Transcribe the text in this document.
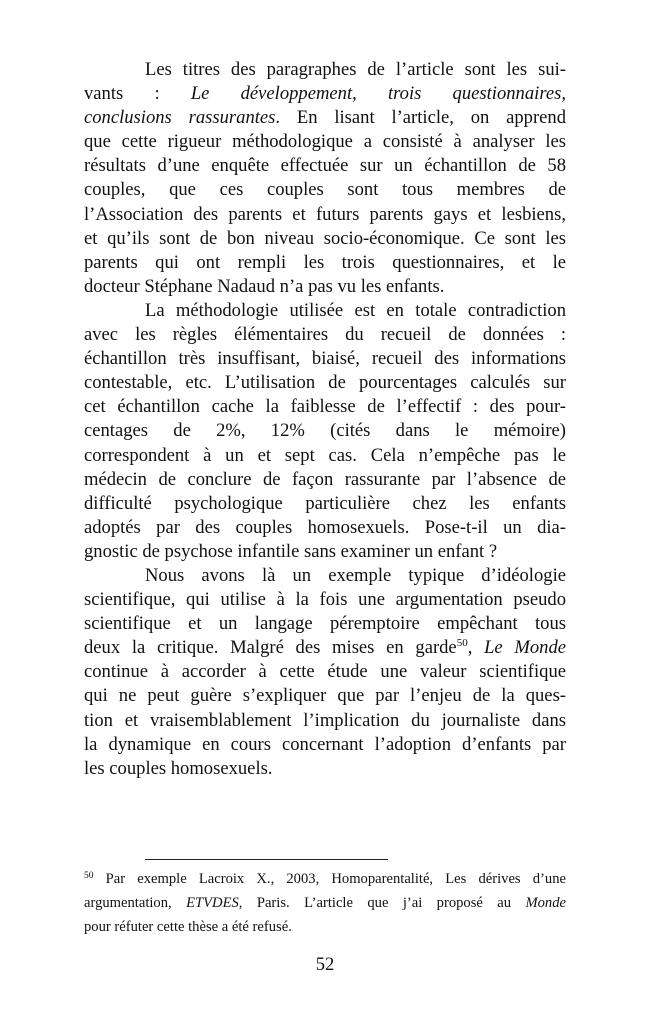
Les titres des paragraphes de l’article sont les sui-
vants : Le développement, trois questionnaires,
conclusions rassurantes. En lisant l’article, on apprend
que cette rigueur méthodologique a consisté à analyser les
résultats d’une enquête effectuée sur un échantillon de 58
couples, que ces couples sont tous membres de
l’Association des parents et futurs parents gays et lesbiens,
et qu’ils sont de bon niveau socio-économique. Ce sont les
parents qui ont rempli les trois questionnaires, et le
docteur Stéphane Nadaud n’a pas vu les enfants.
La méthodologie utilisée est en totale contradiction
avec les règles élémentaires du recueil de données :
échantillon très insuffisant, biaisé, recueil des informations
contestable, etc. L’utilisation de pourcentages calculés sur
cet échantillon cache la faiblesse de l’effectif : des pour-
centages de 2%, 12% (cités dans le mémoire)
correspondent à un et sept cas. Cela n’empêche pas le
médecin de conclure de façon rassurante par l’absence de
difficulté psychologique particulière chez les enfants
adoptés par des couples homosexuels. Pose-t-il un dia-
gnostic de psychose infantile sans examiner un enfant ?
Nous avons là un exemple typique d’idéologie
scientifique, qui utilise à la fois une argumentation pseudo
scientifique et un langage péremptoire empêchant tous
deux la critique. Malgré des mises en garde$^{50}$, Le Monde
continue à accorder à cette étude une valeur scientifique
qui ne peut guère s’expliquer que par l’enjeu de la ques-
tion et vraisemblablement l’implication du journaliste dans
la dynamique en cours concernant l’adoption d’enfants par
les couples homosexuels.
$^{50}$ Par exemple Lacroix X., 2003, Homoparentalité, Les dérives d’une
argumentation, ETVDES, Paris. L’article que j’ai proposé au Monde
pour réfuter cette thèse a été refusé.
52
